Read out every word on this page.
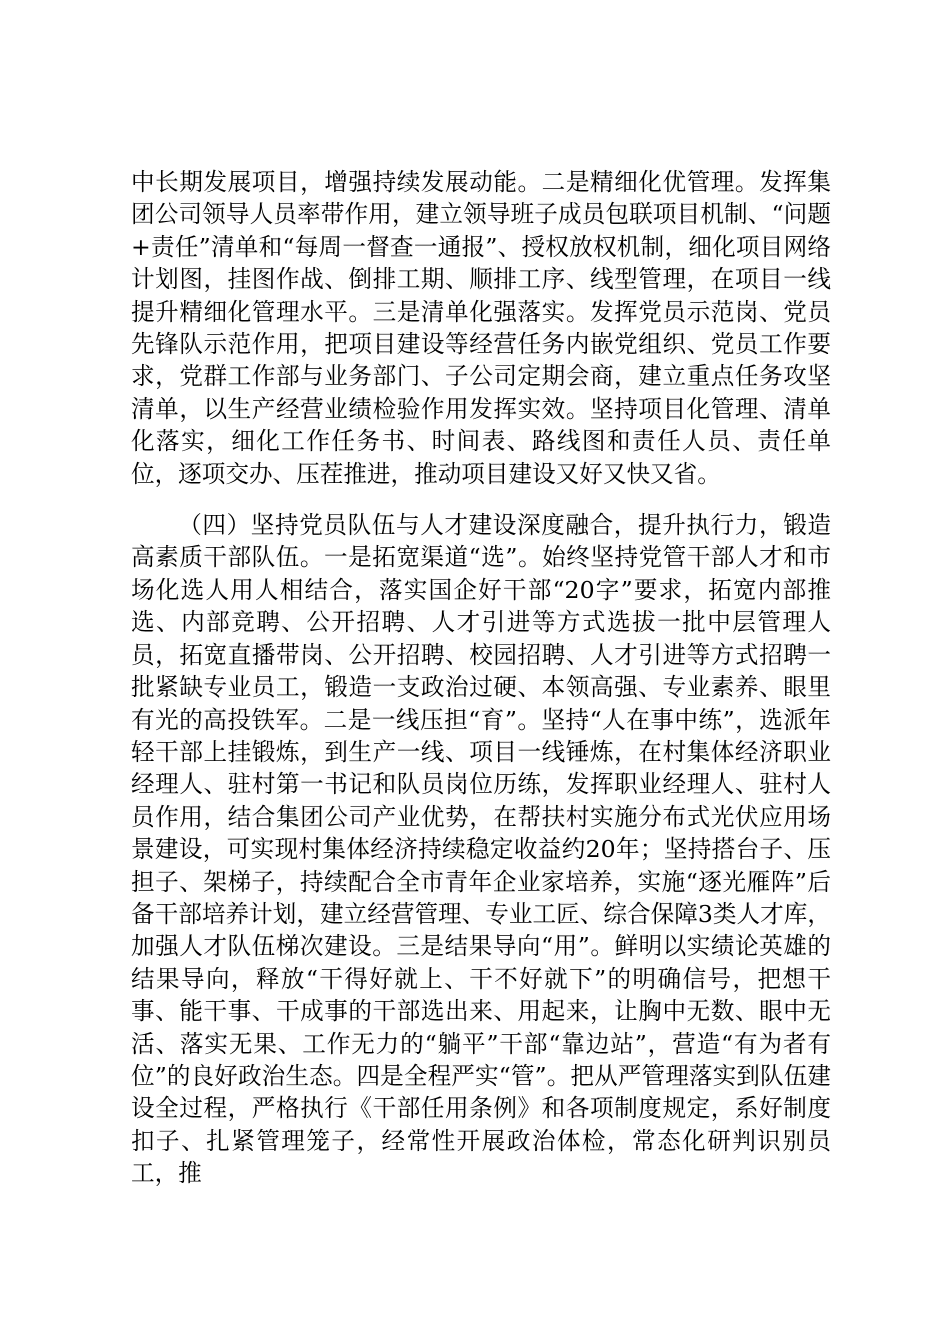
中长期发展项目，增强持续发展动能。二是精细化优管理。发挥集团公司领导人员率带作用，建立领导班子成员包联项目机制、“问题+责任”清单和“每周一督查一通报”、授权放权机制，细化项目网络计划图，挂图作战、倒排工期、顺排工序、线型管理，在项目一线提升精细化管理水平。三是清单化强落实。发挥党员示范岗、党员先锋队示范作用，把项目建设等经营任务内嵌党组织、党员工作要求，党群工作部与业务部门、子公司定期会商，建立重点任务攻坚清单，以生产经营业绩检验作用发挥实效。坚持项目化管理、清单化落实，细化工作任务书、时间表、路线图和责任人员、责任单位，逐项交办、压茬推进，推动项目建设又好又快又省。

（四）坚持党员队伍与人才建设深度融合，提升执行力，锻造高素质干部队伍。一是拓宽渠道“选”。始终坚持党管干部人才和市场化选人用人相结合，落实国企好干部“20字”要求，拓宽内部推选、内部竞聘、公开招聘、人才引进等方式选拔一批中层管理人员，拓宽直播带岗、公开招聘、校园招聘、人才引进等方式招聘一批紧缺专业员工，锻造一支政治过硬、本领高强、专业素养、眼里有光的高投铁军。二是一线压担“育”。坚持“人在事中练”，选派年轻干部上挂锻炼，到生产一线、项目一线锤炼，在村集体经济职业经理人、驻村第一书记和队员岗位历练，发挥职业经理人、驻村人员作用，结合集团公司产业优势，在帮扶村实施分布式光伏应用场景建设，可实现村集体经济持续稳定收益约20年；坚持搭台子、压担子、架梯子，持续配合全市青年企业家培养，实施“逐光雁阵”后备干部培养计划，建立经营管理、专业工匠、综合保障3类人才库，加强人才队伍梯次建设。三是结果导向“用”。鲜明以实绩论英雄的结果导向，释放“干得好就上、干不好就下”的明确信号，把想干事、能干事、干成事的干部选出来、用起来，让胸中无数、眼中无活、落实无果、工作无力的“躺平”干部“靠边站”，营造“有为者有位”的良好政治生态。四是全程严实“管”。把从严管理落实到队伍建设全过程，严格执行《干部任用条例》和各项制度规定，系好制度扣子、扎紧管理笼子，经常性开展政治体检，常态化研判识别员工，推
